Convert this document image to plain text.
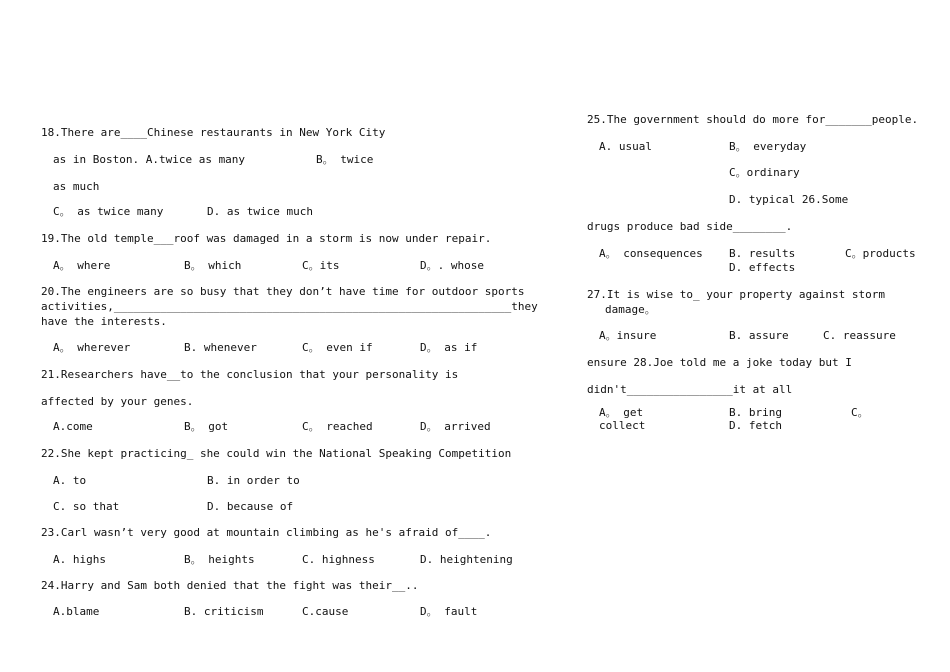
18.There are____Chinese restaurants in New York City
as in Boston. A.twice as many	B。 twice
as much
C。 as twice many	D. as twice much
19.The old temple___roof was damaged in a storm is now under repair.
A。 where	B。 which	C。its	D。. whose
20.The engineers are so busy that they don’t have time for outdoor sports
activities,____________________________________________________________they
have the interests.
A。 wherever	B. whenever	C。 even if	D。 as if
21.Researchers have__to the conclusion that your personality is
affected by your genes.
A.come	B。 got	C。 reached	D。 arrived
22.She kept practicing_ she could win the National Speaking Competition
A. to	B. in order to
C. so that	D. because of
23.Carl wasn’t very good at mountain climbing as he's afraid of____.
A. highs	B。 heights	C. highness	D. heightening
24.Harry and Sam both denied that the fight was their__..
A.blame	B. criticism	C.cause	D。 fault
25.The government should do more for_______people.
A. usual	B。 everyday
C。ordinary
D. typical 26.Some
drugs produce bad side________.
A。 consequences B. results	C。products
D. effects
27.It is wise to_ your property against storm
damage。
A。insure	B. assure	C. reassure
ensure 28.Joe told me a joke today but I
didn't________________it at all
A。 get	B. bring	C。
collect	D. fetch
